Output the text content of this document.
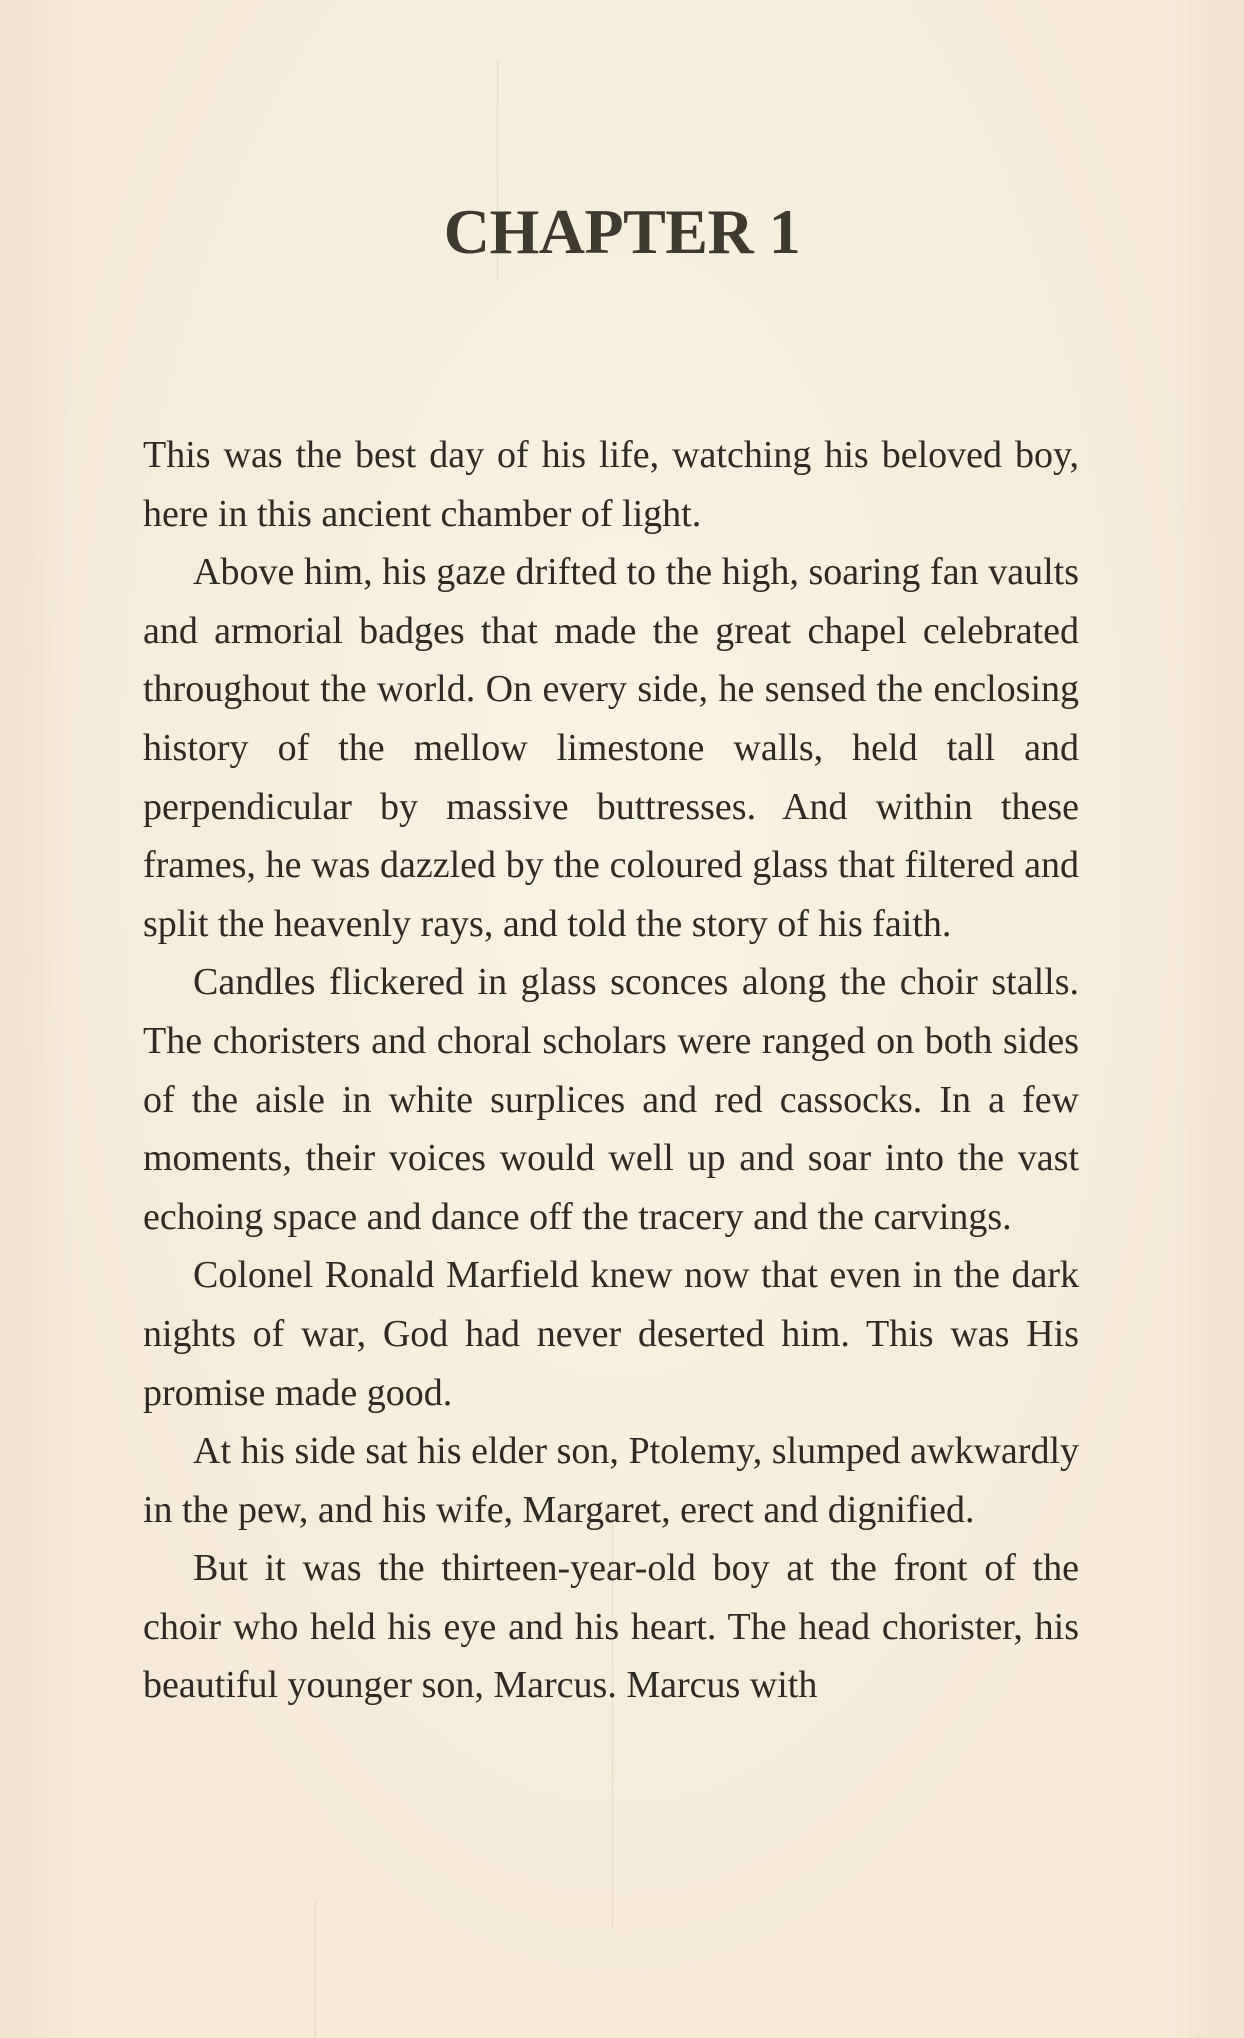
CHAPTER 1

This was the best day of his life, watching his beloved boy, here in this ancient chamber of light.

Above him, his gaze drifted to the high, soaring fan vaults and armorial badges that made the great chapel celebrated throughout the world. On every side, he sensed the enclosing history of the mellow limestone walls, held tall and perpendicular by massive buttresses. And within these frames, he was dazzled by the coloured glass that filtered and split the heavenly rays, and told the story of his faith.

Candles flickered in glass sconces along the choir stalls. The choristers and choral scholars were ranged on both sides of the aisle in white surplices and red cassocks. In a few moments, their voices would well up and soar into the vast echoing space and dance off the tracery and the carvings.

Colonel Ronald Marfield knew now that even in the dark nights of war, God had never deserted him. This was His promise made good.

At his side sat his elder son, Ptolemy, slumped awkwardly in the pew, and his wife, Margaret, erect and dignified.

But it was the thirteen-year-old boy at the front of the choir who held his eye and his heart. The head chorister, his beautiful younger son, Marcus. Marcus with
